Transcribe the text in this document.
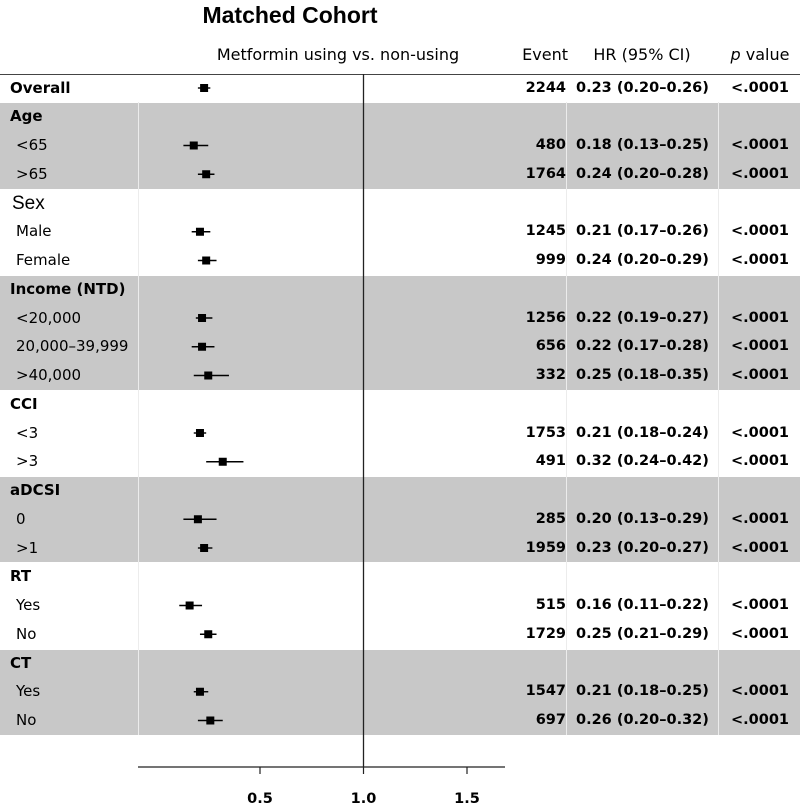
Matched Cohort
Metformin using vs. non-using	Event	HR (95% CI)	p value
Overall	2244 0.23 (0.20–0.26)	<.0001
Age
<65	480 0.18 (0.13–0.25)	<.0001
>65	1764 0.24 (0.20–0.28)	<.0001
Sex
Male	1245 0.21 (0.17–0.26)	<.0001
Female	999 0.24 (0.20–0.29)	<.0001
Income (NTD)
<20,000	1256 0.22 (0.19–0.27)	<.0001
20,000–39,999	656 0.22 (0.17–0.28)	<.0001
>40,000	332 0.25 (0.18–0.35)	<.0001
CCI
<3	1753 0.21 (0.18–0.24)	<.0001
>3	491 0.32 (0.24–0.42)	<.0001
aDCSI
0	285 0.20 (0.13–0.29)	<.0001
>1	1959 0.23 (0.20–0.27)	<.0001
RT
Yes	515 0.16 (0.11–0.22)	<.0001
No	1729 0.25 (0.21–0.29)	<.0001
CT
Yes	1547 0.21 (0.18–0.25)	<.0001
No	697 0.26 (0.20–0.32)	<.0001
0.5	1.0	1.5
